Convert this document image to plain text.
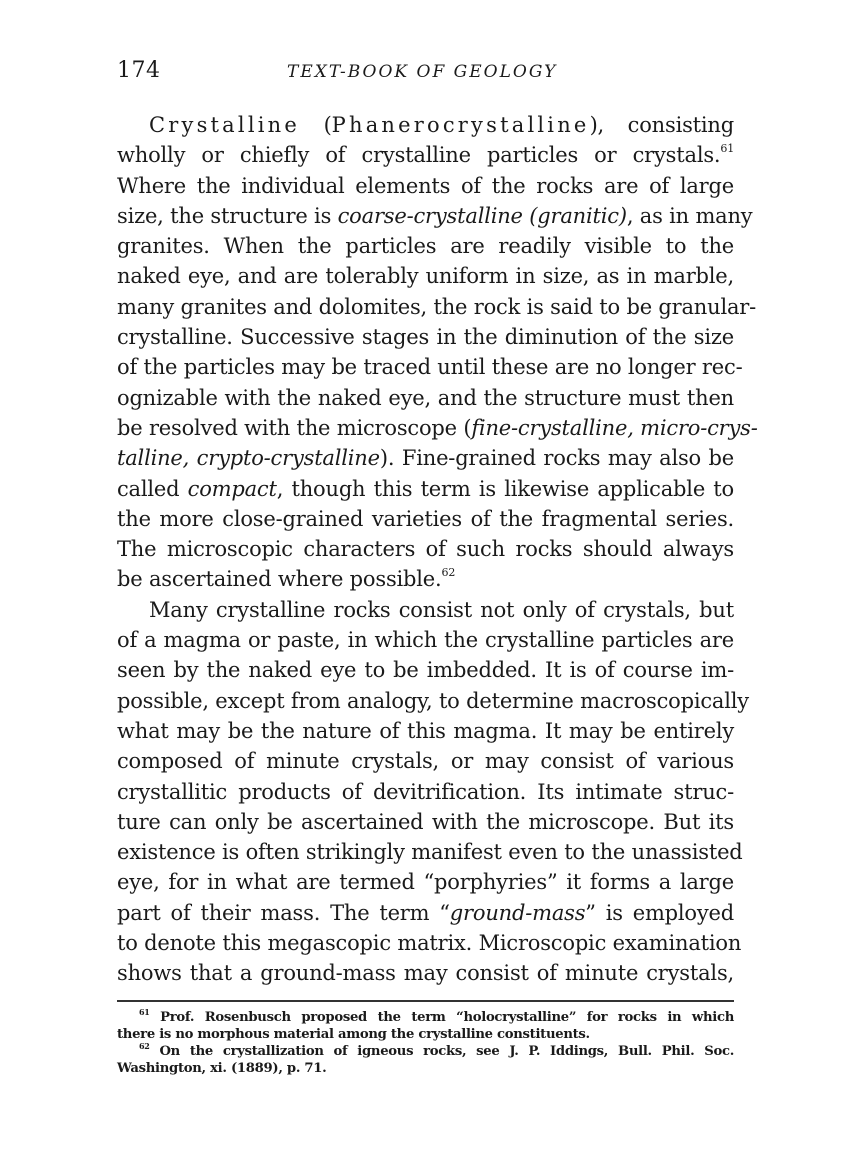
174	TEXT-BOOK OF GEOLOGY
Crystalline (Phanerocrystalline), consisting
wholly or chiefly of crystalline particles or crystals.$^{61}$
Where the individual elements of the rocks are of large
size, the structure is coarse-crystalline (granitic), as in many
granites. When the particles are readily visible to the
naked eye, and are tolerably uniform in size, as in marble,
many granites and dolomites, the rock is said to be granular-
crystalline. Successive stages in the diminution of the size
of the particles may be traced until these are no longer rec-
ognizable with the naked eye, and the structure must then
be resolved with the microscope (fine-crystalline, micro-crys-
talline, crypto-crystalline). Fine-grained rocks may also be
called compact, though this term is likewise applicable to
the more close-grained varieties of the fragmental series.
The microscopic characters of such rocks should always
be ascertained where possible.$^{62}$
Many crystalline rocks consist not only of crystals, but
of a magma or paste, in which the crystalline particles are
seen by the naked eye to be imbedded. It is of course im-
possible, except from analogy, to determine macroscopically
what may be the nature of this magma. It may be entirely
composed of minute crystals, or may consist of various
crystallitic products of devitrification. Its intimate struc-
ture can only be ascertained with the microscope. But its
existence is often strikingly manifest even to the unassisted
eye, for in what are termed “porphyries” it forms a large
part of their mass. The term “ground-mass” is employed
to denote this megascopic matrix. Microscopic examination
shows that a ground-mass may consist of minute crystals,
$^{61}$ Prof. Rosenbusch proposed the term “holocrystalline” for rocks in which
there is no morphous material among the crystalline constituents.
$^{62}$ On the crystallization of igneous rocks, see J. P. Iddings, Bull. Phil. Soc.
Washington, xi. (1889), p. 71.
